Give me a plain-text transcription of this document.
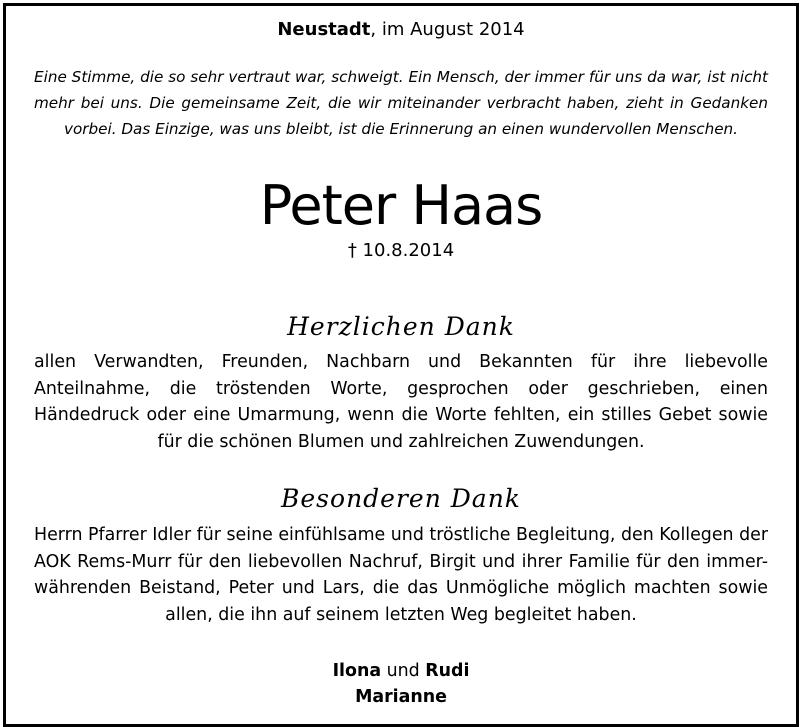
Neustadt, im August 2014
Eine Stimme, die so sehr vertraut war, schweigt. Ein Mensch, der immer für uns da war, ist nicht mehr bei uns. Die gemeinsame Zeit, die wir miteinander verbracht haben, zieht in Gedanken vorbei. Das Einzige, was uns bleibt, ist die Erinnerung an einen wundervollen Menschen.
Peter Haas
† 10.8.2014
Herzlichen Dank
allen Verwandten, Freunden, Nachbarn und Bekannten für ihre liebevolle Anteilnahme, die tröstenden Worte, gesprochen oder geschrieben, einen Händedruck oder eine Umarmung, wenn die Worte fehlten, ein stilles Gebet sowie für die schönen Blumen und zahlreichen Zuwendungen.
Besonderen Dank
Herrn Pfarrer Idler für seine einfühlsame und tröstliche Begleitung, den Kollegen der AOK Rems-Murr für den liebevollen Nachruf, Birgit und ihrer Familie für den immer-währenden Beistand, Peter und Lars, die das Unmögliche möglich machten sowie allen, die ihn auf seinem letzten Weg begleitet haben.
Ilona und Rudi
Marianne
